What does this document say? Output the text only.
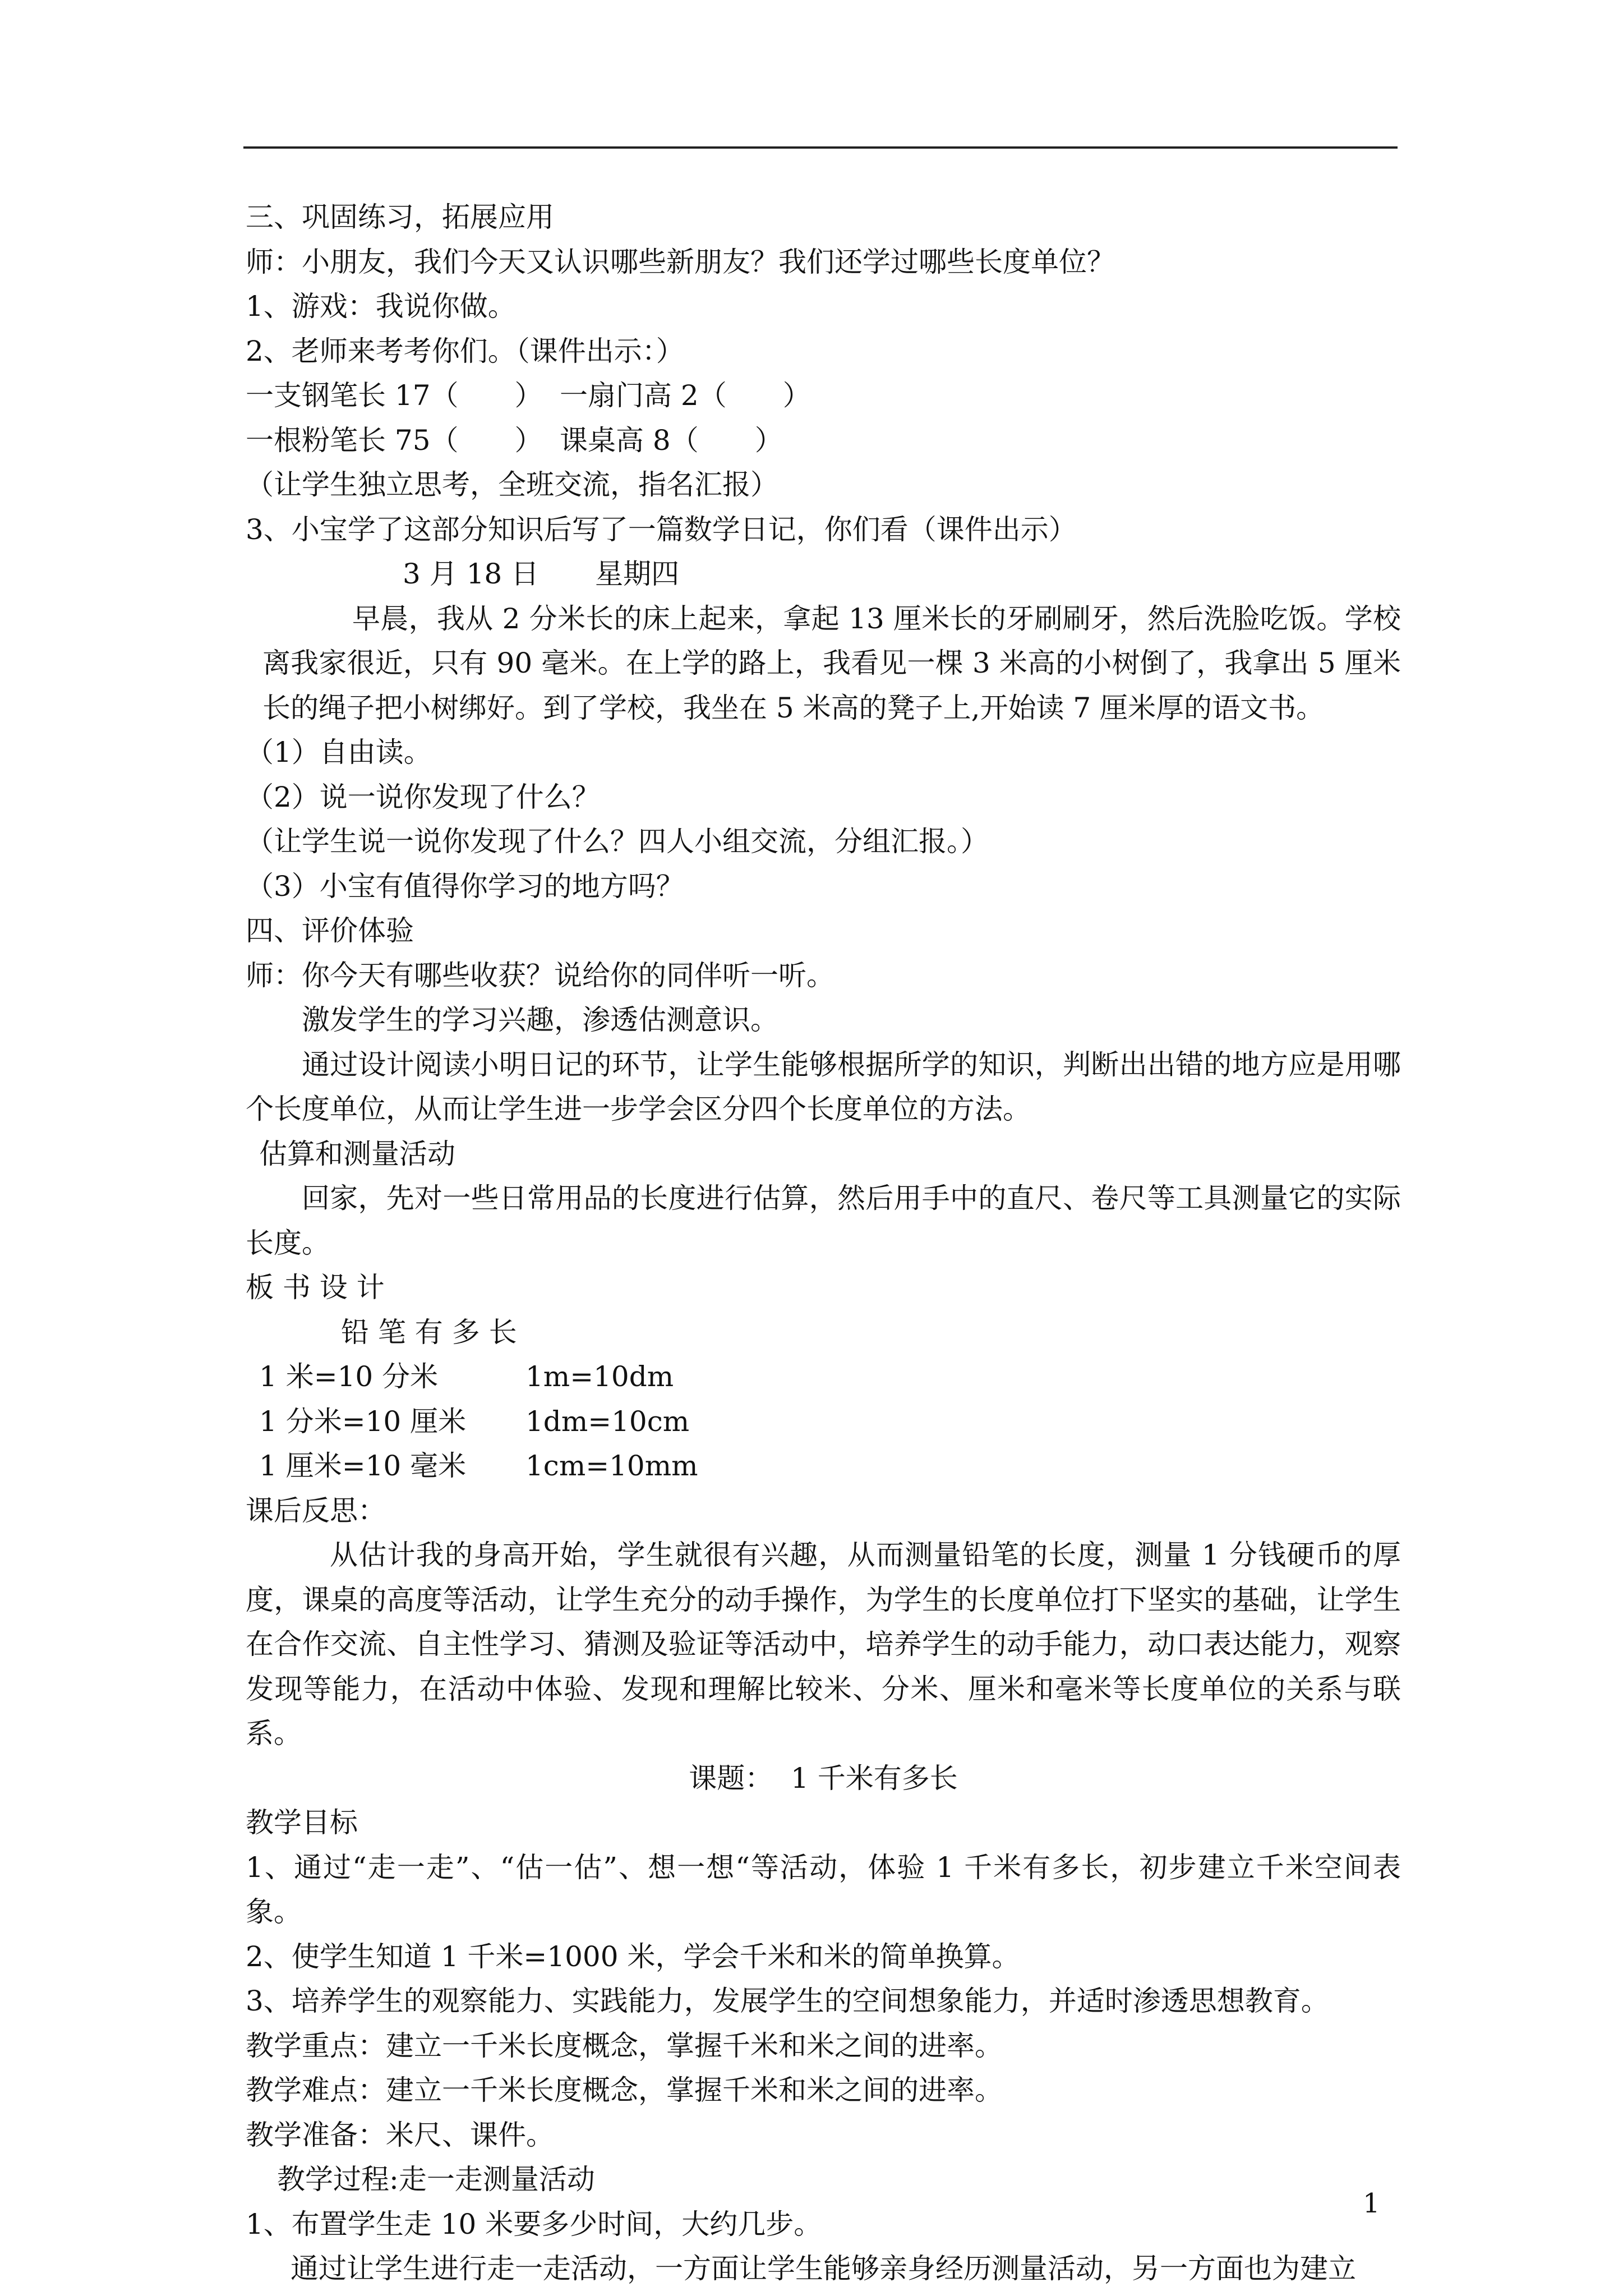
三、巩固练习，拓展应用
师：小朋友，我们今天又认识哪些新朋友？我们还学过哪些长度单位？
1、游戏：我说你做。
2、老师来考考你们。（课件出示：）
一支钢笔长 17（　　） 一扇门高 2（　　）
一根粉笔长 75（　　） 课桌高 8（　　）
（让学生独立思考，全班交流，指名汇报）
3、小宝学了这部分知识后写了一篇数学日记，你们看（课件出示）
3 月 18 日　　星期四
早晨，我从 2 分米长的床上起来，拿起 13 厘米长的牙刷刷牙，然后洗脸吃饭。学校离我家很近，只有 90 毫米。在上学的路上，我看见一棵 3 米高的小树倒了，我拿出 5 厘米长的绳子把小树绑好。到了学校，我坐在 5 米高的凳子上,开始读 7 厘米厚的语文书。
（1）自由读。
（2）说一说你发现了什么？
（让学生说一说你发现了什么？四人小组交流，分组汇报。）
（3）小宝有值得你学习的地方吗？
四、评价体验
师：你今天有哪些收获？说给你的同伴听一听。
激发学生的学习兴趣，渗透估测意识。
通过设计阅读小明日记的环节，让学生能够根据所学的知识，判断出出错的地方应是用哪个长度单位，从而让学生进一步学会区分四个长度单位的方法。
估算和测量活动
回家，先对一些日常用品的长度进行估算，然后用手中的直尺、卷尺等工具测量它的实际长度。
板 书 设 计
铅 笔 有 多 长
1 米=10 分米	1m=10dm
1 分米=10 厘米	1dm=10cm
1 厘米=10 毫米	1cm=10mm
课后反思：
从估计我的身高开始，学生就很有兴趣，从而测量铅笔的长度，测量 1 分钱硬币的厚度，课桌的高度等活动，让学生充分的动手操作，为学生的长度单位打下坚实的基础，让学生在合作交流、自主性学习、猜测及验证等活动中，培养学生的动手能力，动口表达能力，观察发现等能力，在活动中体验、发现和理解比较米、分米、厘米和毫米等长度单位的关系与联系。
课题：  1 千米有多长
教学目标
1、通过“走一走”、“估一估”、想一想“等活动，体验 1 千米有多长，初步建立千米空间表象。
2、使学生知道 1 千米=1000 米，学会千米和米的简单换算。
3、培养学生的观察能力、实践能力，发展学生的空间想象能力，并适时渗透思想教育。
教学重点：建立一千米长度概念，掌握千米和米之间的进率。
教学难点：建立一千米长度概念，掌握千米和米之间的进率。
教学准备：米尺、课件。
教学过程:走一走测量活动
1、布置学生走 10 米要多少时间，大约几步。
通过让学生进行走一走活动，一方面让学生能够亲身经历测量活动，另一方面也为建立
1
